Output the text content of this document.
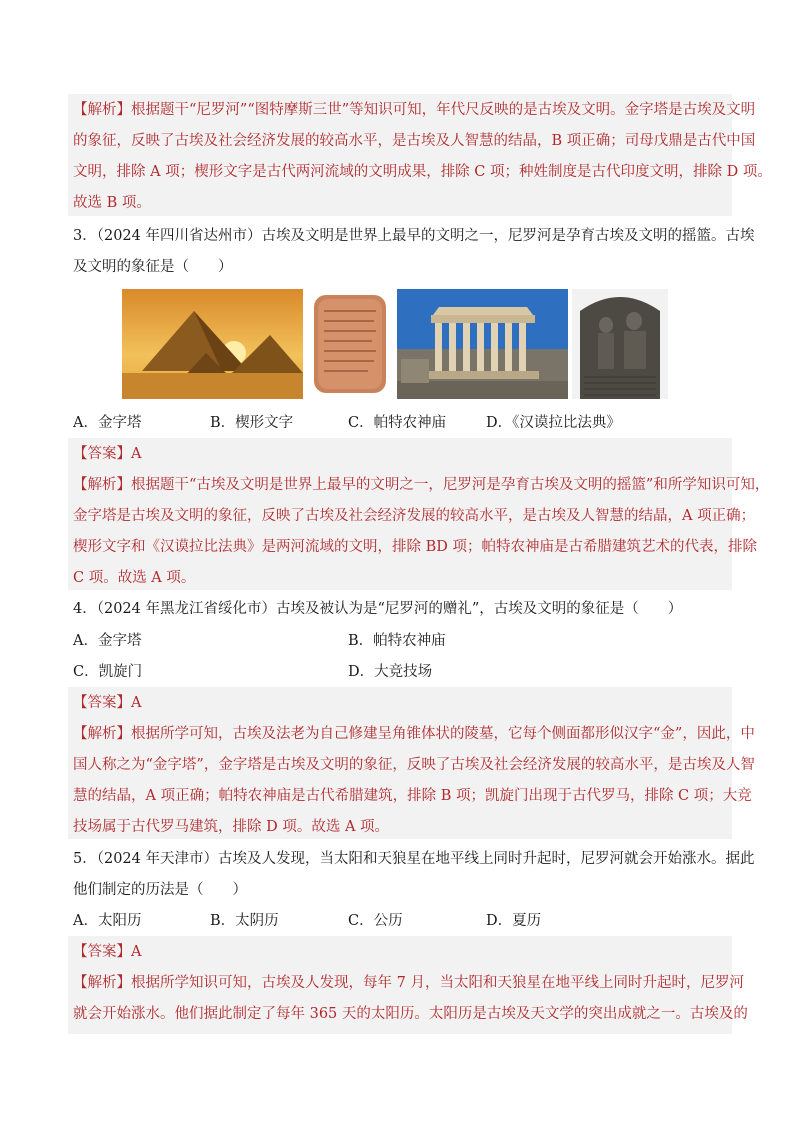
【解析】根据题干“尼罗河”“图特摩斯三世”等知识可知，年代尺反映的是古埃及文明。金字塔是古埃及文明
的象征，反映了古埃及社会经济发展的较高水平，是古埃及人智慧的结晶，B 项正确；司母戊鼎是古代中国
文明，排除 A 项；楔形文字是古代两河流域的文明成果，排除 C 项；种姓制度是古代印度文明，排除 D 项。
故选 B 项。
3．（2024 年四川省达州市）古埃及文明是世界上最早的文明之一，尼罗河是孕育古埃及文明的摇篮。古埃
及文明的象征是（　　）
A．金字塔	B．楔形文字	C．帕特农神庙	D．《汉谟拉比法典》
【答案】A
【解析】根据题干“古埃及文明是世界上最早的文明之一，尼罗河是孕育古埃及文明的摇篮”和所学知识可知，
金字塔是古埃及文明的象征，反映了古埃及社会经济发展的较高水平，是古埃及人智慧的结晶，A 项正确；
楔形文字和《汉谟拉比法典》是两河流域的文明，排除 BD 项；帕特农神庙是古希腊建筑艺术的代表，排除
C 项。故选 A 项。
4．（2024 年黑龙江省绥化市）古埃及被认为是“尼罗河的赠礼”，古埃及文明的象征是（　　）
A．金字塔	B．帕特农神庙
C．凯旋门	D．大竞技场
【答案】A
【解析】根据所学可知，古埃及法老为自己修建呈角锥体状的陵墓，它每个侧面都形似汉字“金”，因此，中
国人称之为“金字塔”，金字塔是古埃及文明的象征，反映了古埃及社会经济发展的较高水平，是古埃及人智
慧的结晶，A 项正确；帕特农神庙是古代希腊建筑，排除 B 项；凯旋门出现于古代罗马，排除 C 项；大竞
技场属于古代罗马建筑，排除 D 项。故选 A 项。
5．（2024 年天津市）古埃及人发现，当太阳和天狼星在地平线上同时升起时，尼罗河就会开始涨水。据此
他们制定的历法是（　　）
A．太阳历	B．太阴历	C．公历	D．夏历
【答案】A
【解析】根据所学知识可知，古埃及人发现，每年 7 月，当太阳和天狼星在地平线上同时升起时，尼罗河
就会开始涨水。他们据此制定了每年 365 天的太阳历。太阳历是古埃及天文学的突出成就之一。古埃及的
